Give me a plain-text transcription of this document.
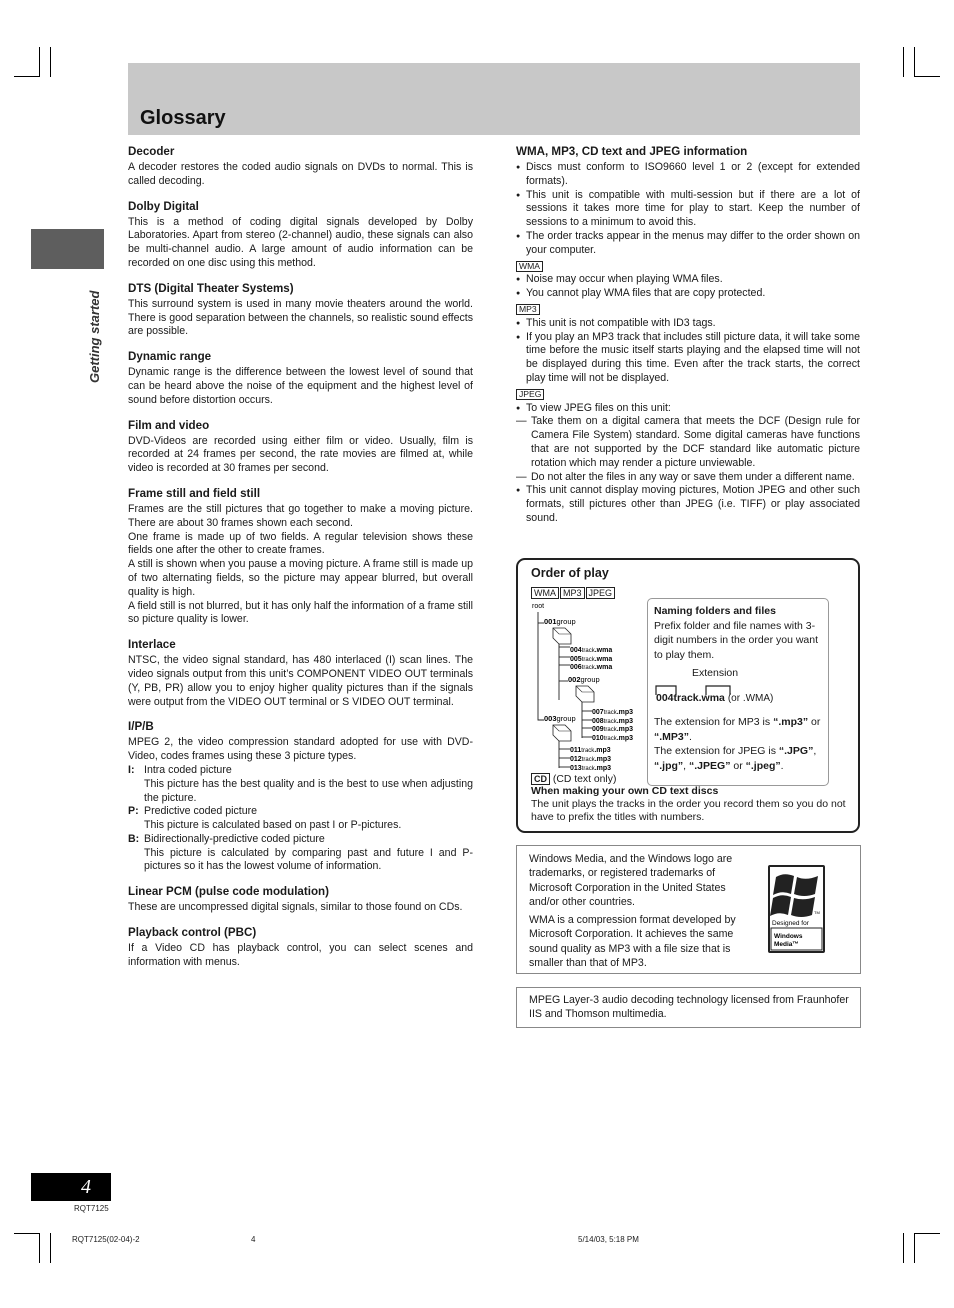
Glossary
Getting started
Decoder

A decoder restores the coded audio signals on DVDs to normal. This is called decoding.

Dolby Digital

This is a method of coding digital signals developed by Dolby Laboratories. Apart from stereo (2-channel) audio, these signals can also be multi-channel audio. A large amount of audio information can be recorded on one disc using this method.

DTS (Digital Theater Systems)

This surround system is used in many movie theaters around the world. There is good separation between the channels, so realistic sound effects are possible.

Dynamic range

Dynamic range is the difference between the lowest level of sound that can be heard above the noise of the equipment and the highest level of sound before distortion occurs.

Film and video

DVD-Videos are recorded using either film or video. Usually, film is recorded at 24 frames per second, the rate movies are filmed at, while video is recorded at 30 frames per second.

Frame still and field still

Frames are the still pictures that go together to make a moving picture. There are about 30 frames shown each second.

One frame is made up of two fields. A regular television shows these fields one after the other to create frames.

A still is shown when you pause a moving picture. A frame still is made up of two alternating fields, so the picture may appear blurred, but overall quality is high.

A field still is not blurred, but it has only half the information of a frame still so picture quality is lower.

Interlace

NTSC, the video signal standard, has 480 interlaced (I) scan lines. The video signals output from this unit’s COMPONENT VIDEO OUT terminals (Y, PB, PR) allow you to enjoy higher quality pictures than if the signals were output from the VIDEO OUT terminal or S VIDEO OUT terminal.

I/P/B

MPEG 2, the video compression standard adopted for use with DVD-Video, codes frames using these 3 picture types.

I: Intra coded picture

This picture has the best quality and is the best to use when adjusting the picture.

P: Predictive coded picture

This picture is calculated based on past I or P-pictures.

B: Bidirectionally-predictive coded picture

This picture is calculated by comparing past and future I and P-pictures so it has the lowest volume of information.

Linear PCM (pulse code modulation)

These are uncompressed digital signals, similar to those found on CDs.

Playback control (PBC)

If a Video CD has playback control, you can select scenes and information with menus.

WMA, MP3, CD text and JPEG information
● Discs must conform to ISO9660 level 1 or 2 (except for extended formats).
● This unit is compatible with multi-session but if there are a lot of sessions it takes more time for play to start. Keep the number of sessions to a minimum to avoid this.
● The order tracks appear in the menus may differ to the order shown on your computer.
WMA
● Noise may occur when playing WMA files.
● You cannot play WMA files that are copy protected.
MP3
● This unit is not compatible with ID3 tags.
● If you play an MP3 track that includes still picture data, it will take some time before the music itself starts playing and the elapsed time will not be displayed during this time. Even after the track starts, the correct play time will not be displayed.
JPEG
● To view JPEG files on this unit:
— Take them on a digital camera that meets the DCF (Design rule for Camera File System) standard. Some digital cameras have functions that are not supported by the DCF standard like automatic picture rotation which may render a picture unviewable.
— Do not alter the files in any way or save them under a different name.
● This unit cannot display moving pictures, Motion JPEG and other such formats, still pictures other than JPEG (i.e. TIFF) or play associated sound.
Order of play
WMA MP3 JPEG
root
001group
004track.wma
005track.wma
006track.wma
002group
007track.mp3
008track.mp3
009track.mp3
010track.mp3
003group
011track.mp3
012track.mp3
013track.mp3
Naming folders and files
Prefix folder and file names with 3-digit numbers in the order you want to play them.
Extension
004track.wma (or .WMA)
The extension for MP3 is “.mp3” or “.MP3”.
The extension for JPEG is “.JPG”, “.jpg”, “.JPEG” or “.jpeg”.
CD (CD text only)
When making your own CD text discs
The unit plays the tracks in the order you record them so you do not have to prefix the titles with numbers.
Windows Media, and the Windows logo are trademarks, or registered trademarks of Microsoft Corporation in the United States and/or other countries.
WMA is a compression format developed by Microsoft Corporation. It achieves the same sound quality as MP3 with a file size that is smaller than that of MP3.
Designed for
TM
Windows
Media™
MPEG Layer-3 audio decoding technology licensed from Fraunhofer IIS and Thomson multimedia.
4
RQT7125
RQT7125(02-04)-2	4	5/14/03, 5:18 PM
